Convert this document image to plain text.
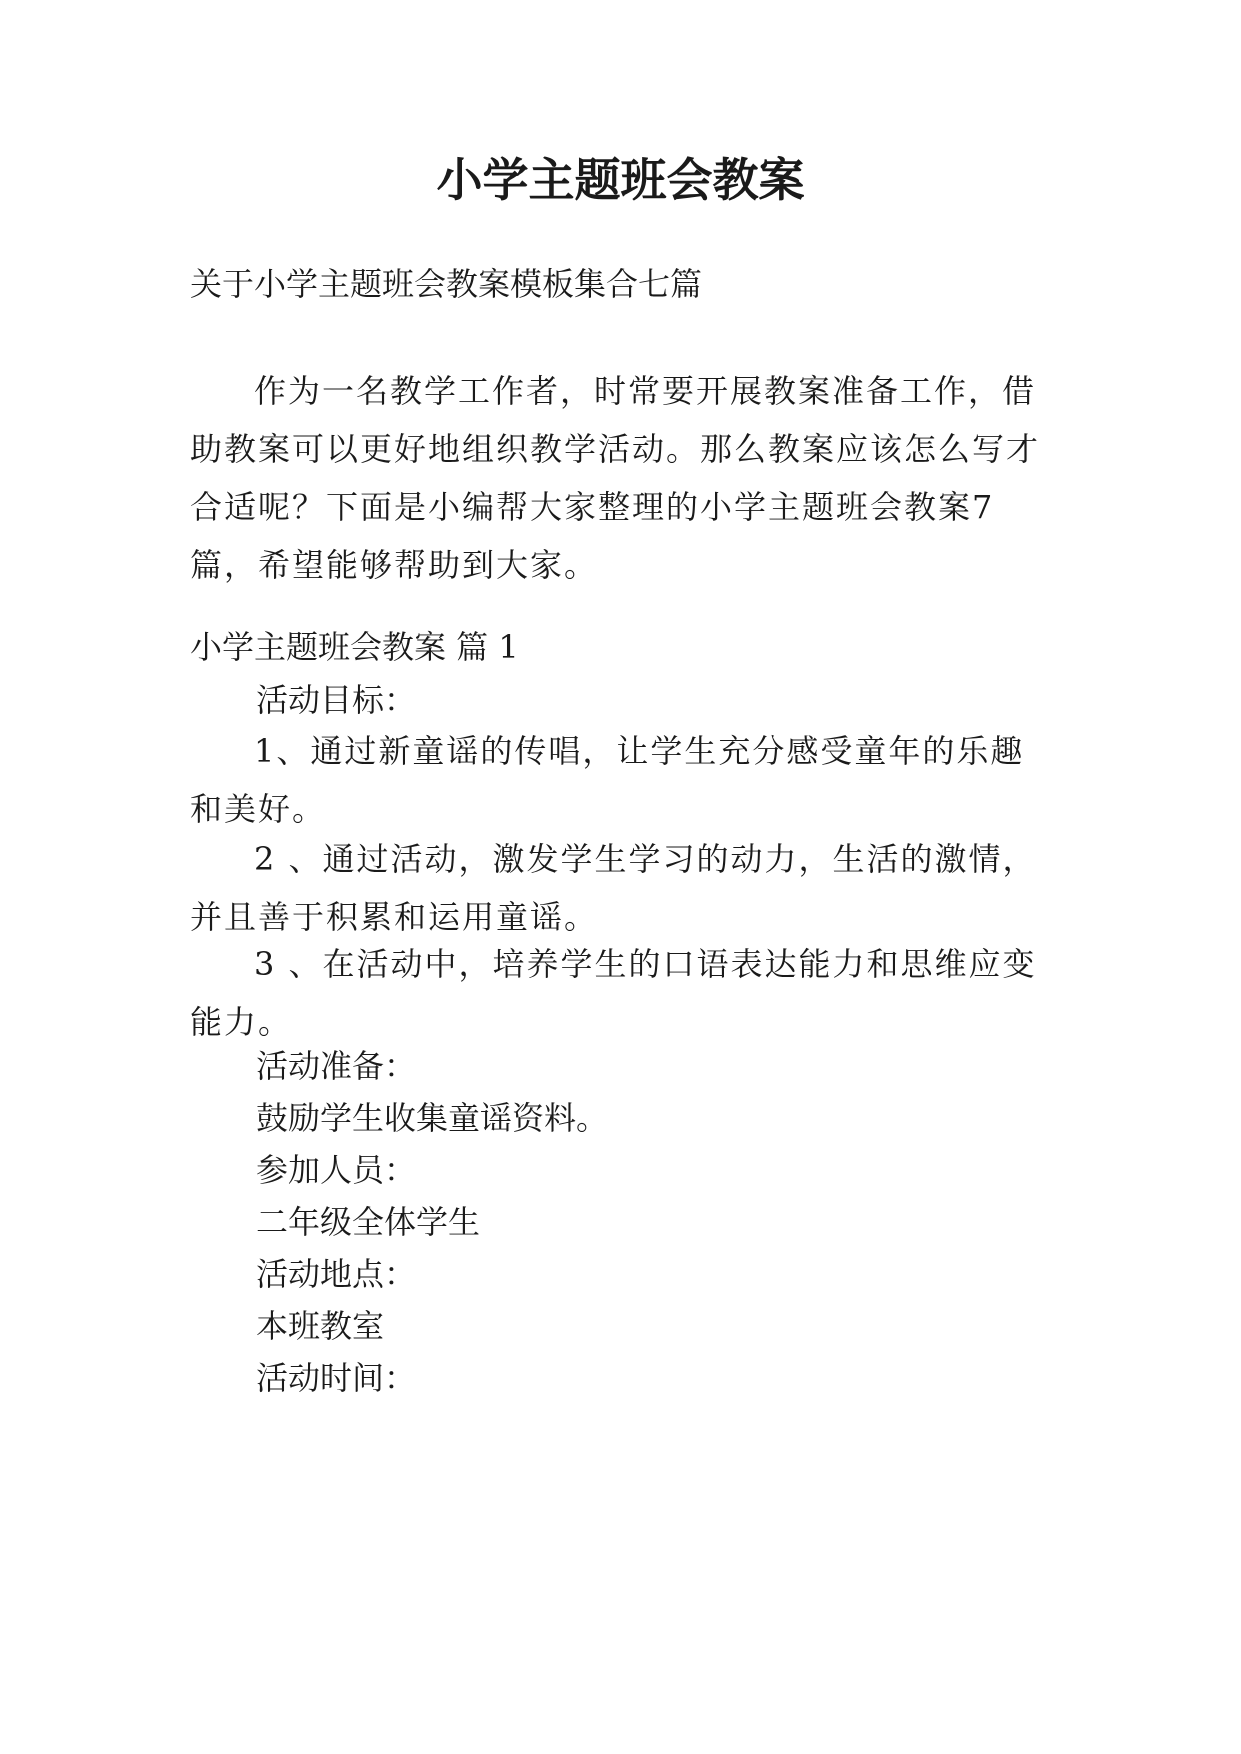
小学主题班会教案
关于小学主题班会教案模板集合七篇
作为一名教学工作者，时常要开展教案准备工作，借助教案可以更好地组织教学活动。那么教案应该怎么写才合适呢？下面是小编帮大家整理的小学主题班会教案7篇，希望能够帮助到大家。
小学主题班会教案 篇 1
活动目标：
1、通过新童谣的传唱，让学生充分感受童年的乐趣和美好。
2 、通过活动，激发学生学习的动力，生活的激情，并且善于积累和运用童谣。
3 、在活动中，培养学生的口语表达能力和思维应变能力。
活动准备：
鼓励学生收集童谣资料。
参加人员：
二年级全体学生
活动地点：
本班教室
活动时间：
